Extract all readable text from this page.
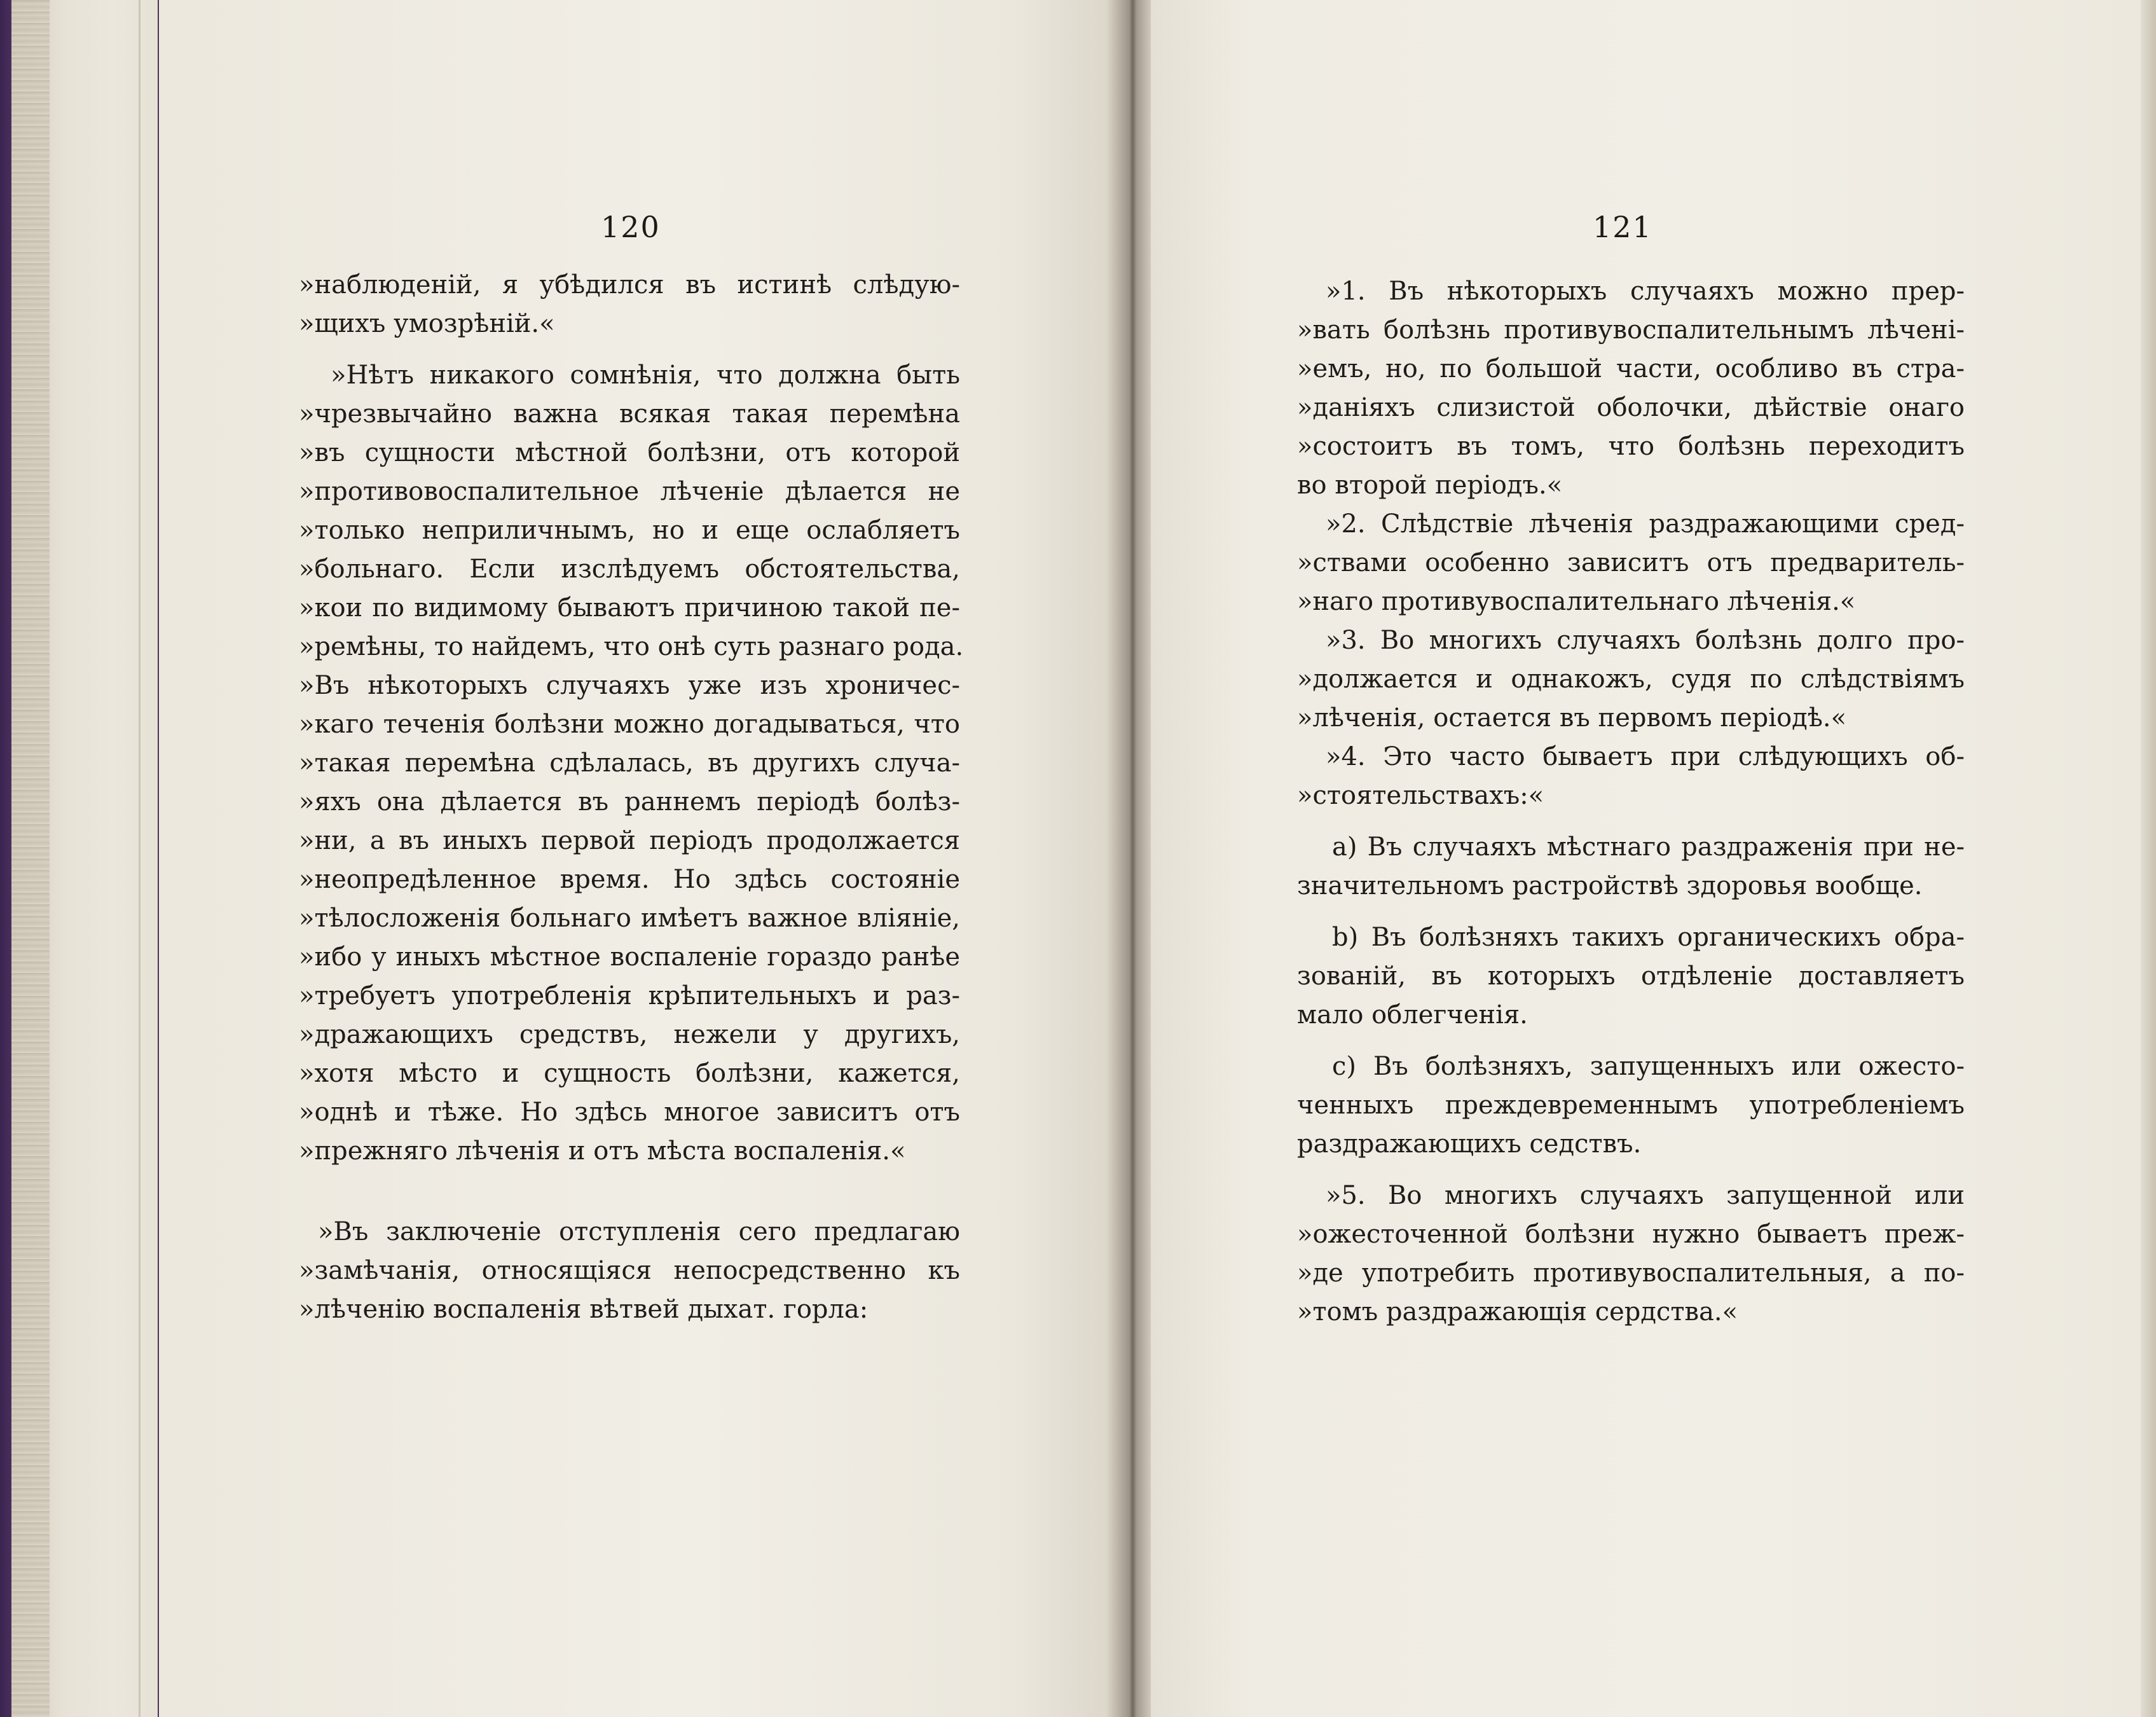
120
»наблюденій, я убѣдился въ истинѣ слѣдую-
»щихъ умозрѣній.«
»Нѣтъ никакого сомнѣнія, что должна быть
»чрезвычайно важна всякая такая перемѣна
»въ сущности мѣстной болѣзни, отъ которой
»противовоспалительное лѣченіе дѣлается не
»только неприличнымъ, но и еще ослабляетъ
»больнаго. Если изслѣдуемъ обстоятельства,
»кои по видимому бываютъ причиною такой пе-
»ремѣны, то найдемъ, что онѣ суть разнаго рода.
»Въ нѣкоторыхъ случаяхъ уже изъ хроничес-
»каго теченія болѣзни можно догадываться, что
»такая перемѣна сдѣлалась, въ другихъ случа-
»яхъ она дѣлается въ раннемъ періодѣ болѣз-
»ни, а въ иныхъ первой періодъ продолжается
»неопредѣленное время. Но здѣсь состояніе
»тѣлосложенія больнаго имѣетъ важное вліяніе,
»ибо у иныхъ мѣстное воспаленіе гораздо ранѣе
»требуетъ употребленія крѣпительныхъ и раз-
»дражающихъ средствъ, нежели у другихъ,
»хотя мѣсто и сущность болѣзни, кажется,
»однѣ и тѣже. Но здѣсь многое зависитъ отъ
»прежняго лѣченія и отъ мѣста воспаленія.«
»Въ заключеніе отступленія сего предлагаю
»замѣчанія, относящіяся непосредственно къ
»лѣченію воспаленія вѣтвей дыхат. горла:
121
»1. Въ нѣкоторыхъ случаяхъ можно прер-
»вать болѣзнь противувоспалительнымъ лѣчені-
»емъ, но, по большой части, особливо въ стра-
»даніяхъ слизистой оболочки, дѣйствіе онаго
»состоитъ въ томъ, что болѣзнь переходитъ
во второй періодъ.«
»2. Слѣдствіе лѣченія раздражающими сред-
»ствами особенно зависитъ отъ предваритель-
»наго противувоспалительнаго лѣченія.«
»3. Во многихъ случаяхъ болѣзнь долго про-
»должается и однакожъ, судя по слѣдствіямъ
»лѣченія, остается въ первомъ періодѣ.«
»4. Это часто бываетъ при слѣдующихъ об-
»стоятельствахъ:«
a) Въ случаяхъ мѣстнаго раздраженія при не-
значительномъ растройствѣ здоровья вообще.
b) Въ болѣзняхъ такихъ органическихъ обра-
зованій, въ которыхъ отдѣленіе доставляетъ
мало облегченія.
c) Въ болѣзняхъ, запущенныхъ или ожесто-
ченныхъ преждевременнымъ употребленіемъ
раздражающихъ седствъ.
»5. Во многихъ случаяхъ запущенной или
»ожесточенной болѣзни нужно бываетъ преж-
»де употребить противувоспалительныя, а по-
»томъ раздражающія сердства.«
